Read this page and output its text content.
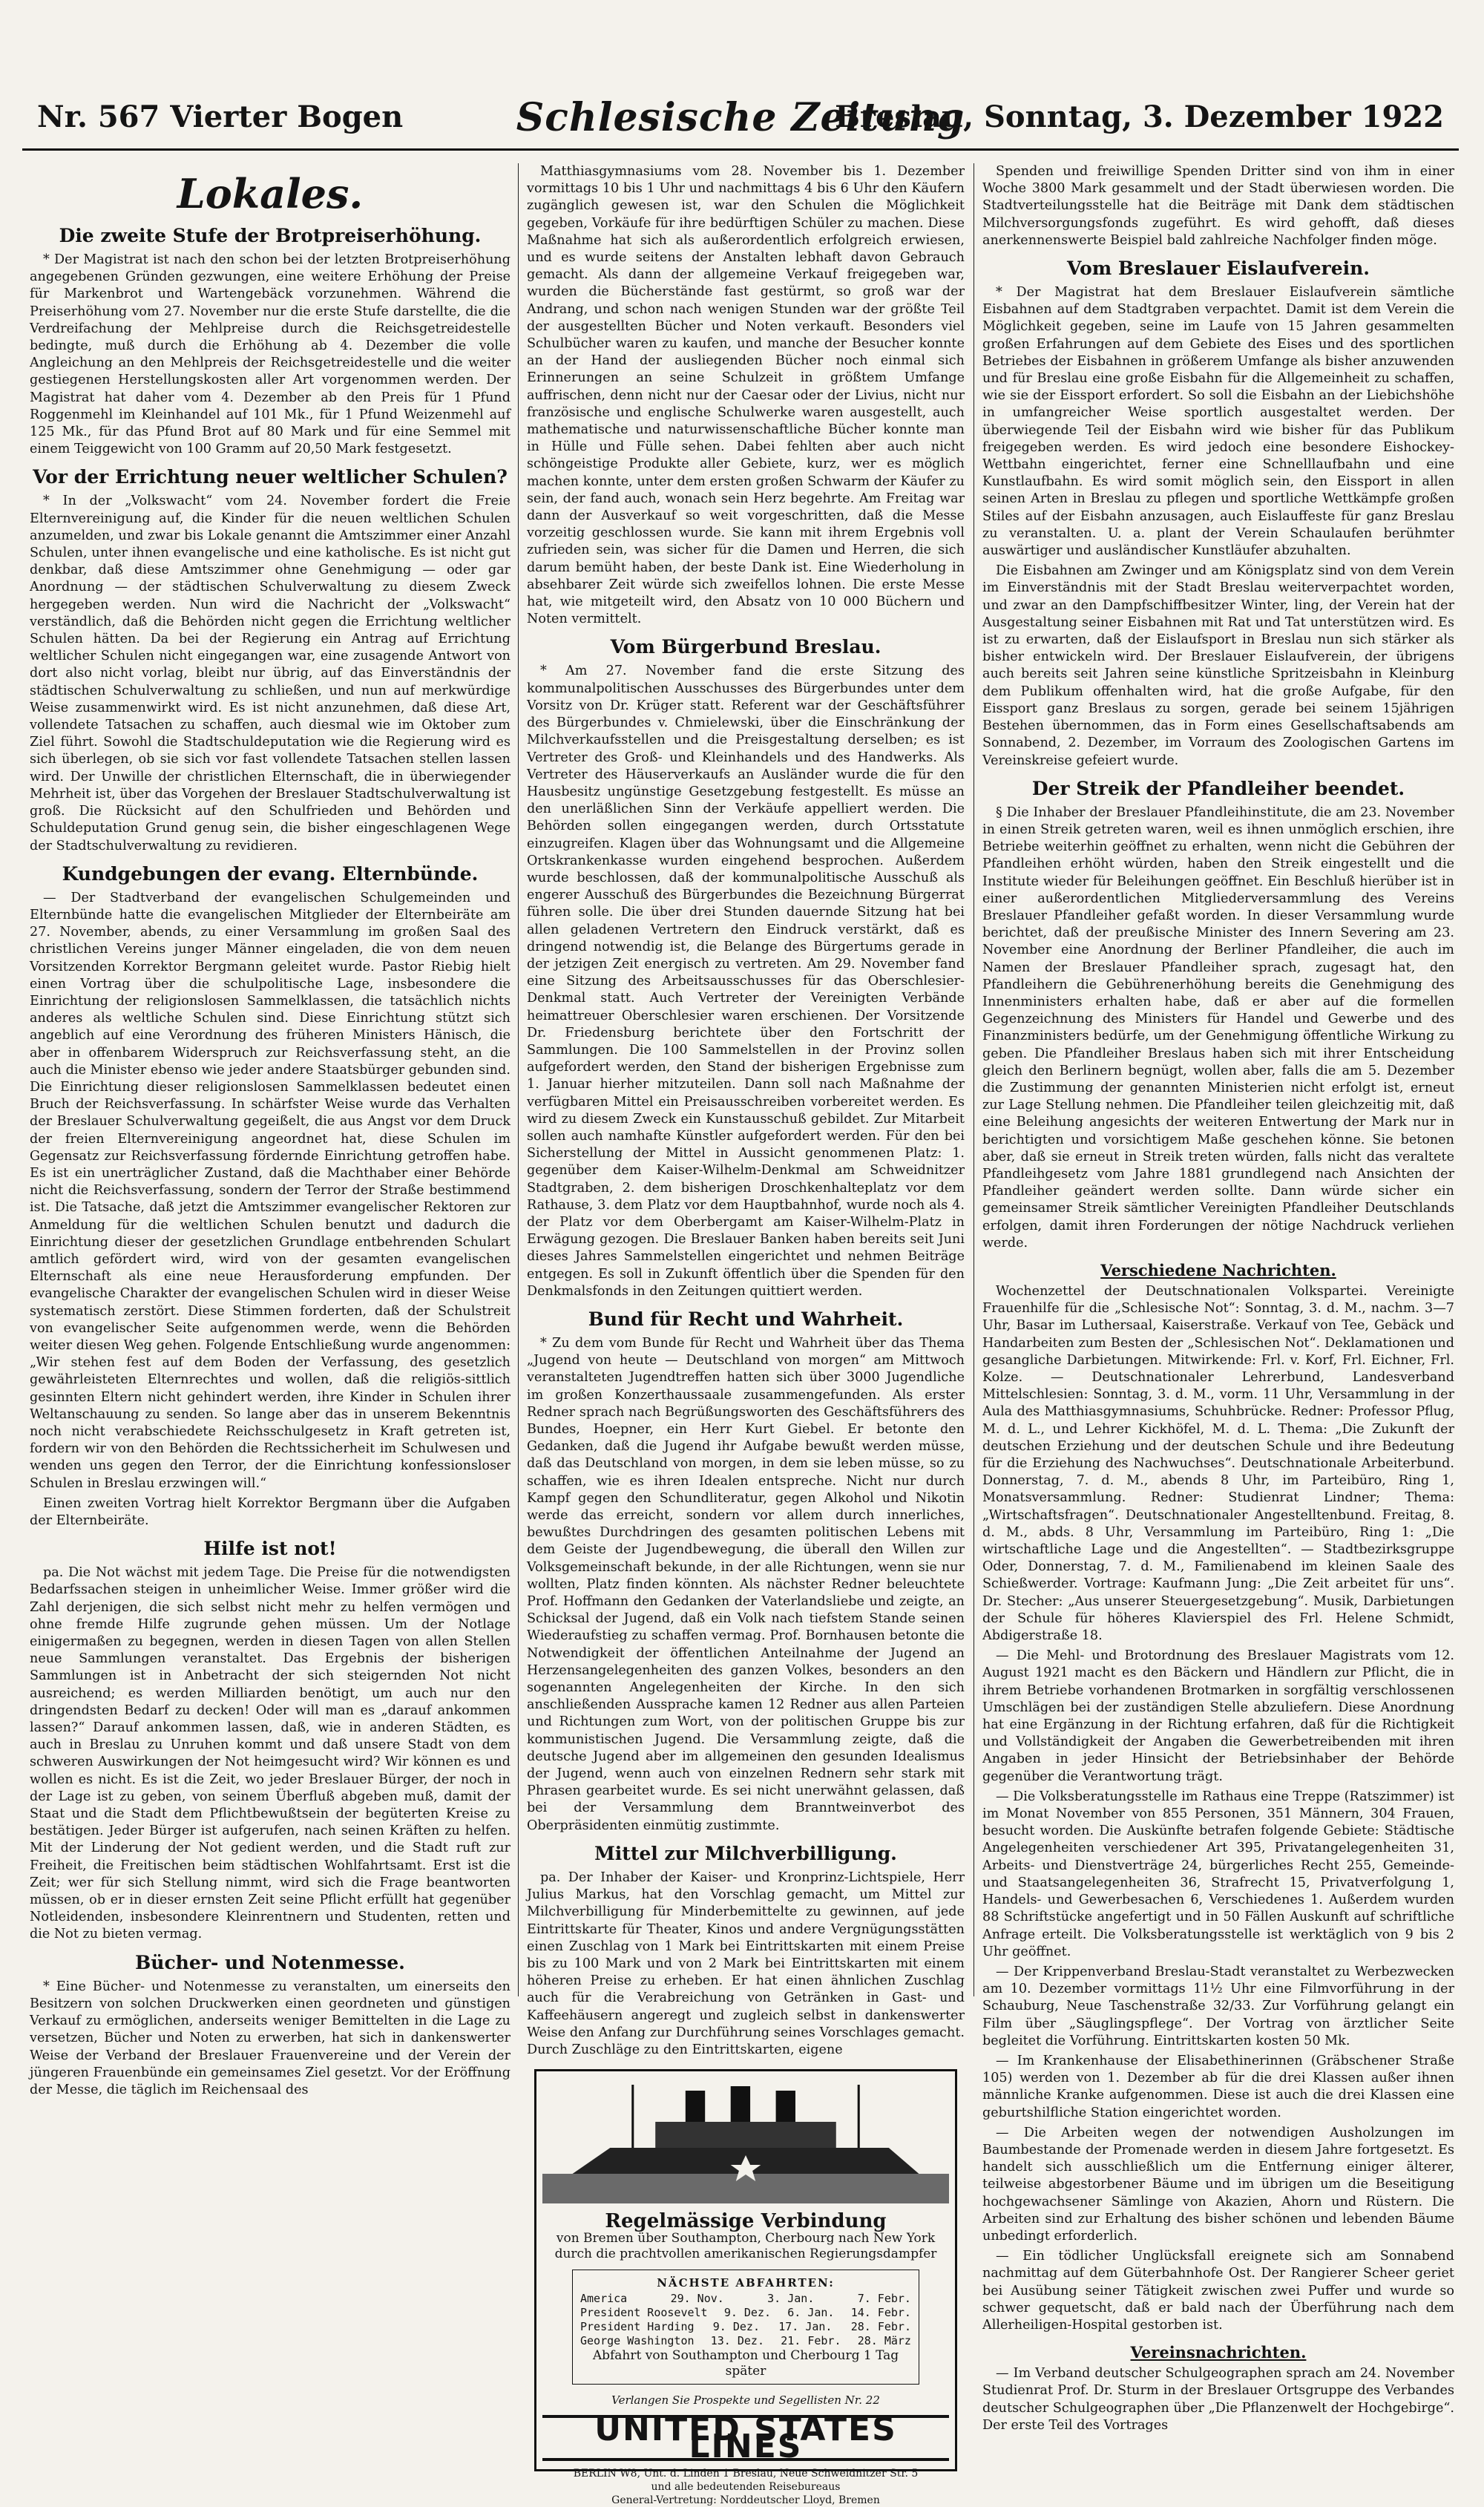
Nr. 567 Vierter Bogen	Schlesische Zeitung
Breslau, Sonntag, 3. Dezember 1922
Lokales.
Die zweite Stufe der Brotpreiserhöhung.

* Der Magistrat ist nach den schon bei der letzten Brotpreiserhöhung angegebenen Gründen gezwungen, eine weitere Erhöhung der Preise für Markenbrot und Wartengebäck vorzunehmen. Während die Preiserhöhung vom 27. November nur die erste Stufe darstellte, die die Verdreifachung der Mehlpreise durch die Reichsgetreidestelle bedingte, muß durch die Erhöhung ab 4. Dezember die volle Angleichung an den Mehlpreis der Reichsgetreidestelle und die weiter gestiegenen Herstellungskosten aller Art vorgenommen werden. Der Magistrat hat daher vom 4. Dezember ab den Preis für 1 Pfund Roggenmehl im Kleinhandel auf 101 Mk., für 1 Pfund Weizenmehl auf 125 Mk., für das Pfund Brot auf 80 Mark und für eine Semmel mit einem Teiggewicht von 100 Gramm auf 20,50 Mark festgesetzt.

Vor der Errichtung neuer weltlicher Schulen?

* In der „Volkswacht“ vom 24. November fordert die Freie Elternvereinigung auf, die Kinder für die neuen weltlichen Schulen anzumelden, und zwar bis Lokale genannt die Amtszimmer einer Anzahl Schulen, unter ihnen evangelische und eine katholische. Es ist nicht gut denkbar, daß diese Amtszimmer ohne Genehmigung — oder gar Anordnung — der städtischen Schulverwaltung zu diesem Zweck hergegeben werden. Nun wird die Nachricht der „Volkswacht“ verständlich, daß die Behörden nicht gegen die Errichtung weltlicher Schulen hätten. Da bei der Regierung ein Antrag auf Errichtung weltlicher Schulen nicht eingegangen war, eine zusagende Antwort von dort also nicht vorlag, bleibt nur übrig, auf das Einverständnis der städtischen Schulverwaltung zu schließen, und nun auf merkwürdige Weise zusammenwirkt wird. Es ist nicht anzunehmen, daß diese Art, vollendete Tatsachen zu schaffen, auch diesmal wie im Oktober zum Ziel führt. Sowohl die Stadtschuldeputation wie die Regierung wird es sich überlegen, ob sie sich vor fast vollendete Tatsachen stellen lassen wird. Der Unwille der christlichen Elternschaft, die in überwiegender Mehrheit ist, über das Vorgehen der Breslauer Stadtschulverwaltung ist groß. Die Rücksicht auf den Schulfrieden und Behörden und Schuldeputation Grund genug sein, die bisher eingeschlagenen Wege der Stadtschulverwaltung zu revidieren.

Kundgebungen der evang. Elternbünde.

— Der Stadtverband der evangelischen Schulgemeinden und Elternbünde hatte die evangelischen Mitglieder der Elternbeiräte am 27. November, abends, zu einer Versammlung im großen Saal des christlichen Vereins junger Männer eingeladen, die von dem neuen Vorsitzenden Korrektor Bergmann geleitet wurde. Pastor Riebig hielt einen Vortrag über die schulpolitische Lage, insbesondere die Einrichtung der religionslosen Sammelklassen, die tatsächlich nichts anderes als weltliche Schulen sind. Diese Einrichtung stützt sich angeblich auf eine Verordnung des früheren Ministers Hänisch, die aber in offenbarem Widerspruch zur Reichsverfassung steht, an die auch die Minister ebenso wie jeder andere Staatsbürger gebunden sind. Die Einrichtung dieser religionslosen Sammelklassen bedeutet einen Bruch der Reichsverfassung. In schärfster Weise wurde das Verhalten der Breslauer Schulverwaltung gegeißelt, die aus Angst vor dem Druck der freien Elternvereinigung angeordnet hat, diese Schulen im Gegensatz zur Reichsverfassung fördernde Einrichtung getroffen habe. Es ist ein unerträglicher Zustand, daß die Machthaber einer Behörde nicht die Reichsverfassung, sondern der Terror der Straße bestimmend ist. Die Tatsache, daß jetzt die Amtszimmer evangelischer Rektoren zur Anmeldung für die weltlichen Schulen benutzt und dadurch die Einrichtung dieser der gesetzlichen Grundlage entbehrenden Schulart amtlich gefördert wird, wird von der gesamten evangelischen Elternschaft als eine neue Herausforderung empfunden. Der evangelische Charakter der evangelischen Schulen wird in dieser Weise systematisch zerstört. Diese Stimmen forderten, daß der Schulstreit von evangelischer Seite aufgenommen werde, wenn die Behörden weiter diesen Weg gehen. Folgende Entschließung wurde angenommen: „Wir stehen fest auf dem Boden der Verfassung, des gesetzlich gewährleisteten Elternrechtes und wollen, daß die religiös-sittlich gesinnten Eltern nicht gehindert werden, ihre Kinder in Schulen ihrer Weltanschauung zu senden. So lange aber das in unserem Bekenntnis noch nicht verabschiedete Reichsschulgesetz in Kraft getreten ist, fordern wir von den Behörden die Rechtssicherheit im Schulwesen und wenden uns gegen den Terror, der die Einrichtung konfessionsloser Schulen in Breslau erzwingen will.“

Einen zweiten Vortrag hielt Korrektor Bergmann über die Aufgaben der Elternbeiräte.

Hilfe ist not!

pa. Die Not wächst mit jedem Tage. Die Preise für die notwendigsten Bedarfssachen steigen in unheimlicher Weise. Immer größer wird die Zahl derjenigen, die sich selbst nicht mehr zu helfen vermögen und ohne fremde Hilfe zugrunde gehen müssen. Um der Notlage einigermaßen zu begegnen, werden in diesen Tagen von allen Stellen neue Sammlungen veranstaltet. Das Ergebnis der bisherigen Sammlungen ist in Anbetracht der sich steigernden Not nicht ausreichend; es werden Milliarden benötigt, um auch nur den dringendsten Bedarf zu decken! Oder will man es „darauf ankommen lassen?“ Darauf ankommen lassen, daß, wie in anderen Städten, es auch in Breslau zu Unruhen kommt und daß unsere Stadt von dem schweren Auswirkungen der Not heimgesucht wird? Wir können es und wollen es nicht. Es ist die Zeit, wo jeder Breslauer Bürger, der noch in der Lage ist zu geben, von seinem Überfluß abgeben muß, damit der Staat und die Stadt dem Pflichtbewußtsein der begüterten Kreise zu bestätigen. Jeder Bürger ist aufgerufen, nach seinen Kräften zu helfen. Mit der Linderung der Not gedient werden, und die Stadt ruft zur Freiheit, die Freitischen beim städtischen Wohlfahrtsamt. Erst ist die Zeit; wer für sich Stellung nimmt, wird sich die Frage beantworten müssen, ob er in dieser ernsten Zeit seine Pflicht erfüllt hat gegenüber Notleidenden, insbesondere Kleinrentnern und Studenten, retten und die Not zu bieten vermag.

Bücher- und Notenmesse.

* Eine Bücher- und Notenmesse zu veranstalten, um einerseits den Besitzern von solchen Druckwerken einen geordneten und günstigen Verkauf zu ermöglichen, anderseits weniger Bemittelten in die Lage zu versetzen, Bücher und Noten zu erwerben, hat sich in dankenswerter Weise der Verband der Breslauer Frauenvereine und der Verein der jüngeren Frauenbünde ein gemeinsames Ziel gesetzt. Vor der Eröffnung der Messe, die täglich im Reichensaal des

Matthiasgymnasiums vom 28. November bis 1. Dezember vormittags 10 bis 1 Uhr und nachmittags 4 bis 6 Uhr den Käufern zugänglich gewesen ist, war den Schulen die Möglichkeit gegeben, Vorkäufe für ihre bedürftigen Schüler zu machen. Diese Maßnahme hat sich als außerordentlich erfolgreich erwiesen, und es wurde seitens der Anstalten lebhaft davon Gebrauch gemacht. Als dann der allgemeine Verkauf freigegeben war, wurden die Bücherstände fast gestürmt, so groß war der Andrang, und schon nach wenigen Stunden war der größte Teil der ausgestellten Bücher und Noten verkauft. Besonders viel Schulbücher waren zu kaufen, und manche der Besucher konnte an der Hand der ausliegenden Bücher noch einmal sich Erinnerungen an seine Schulzeit in größtem Umfange auffrischen, denn nicht nur der Caesar oder der Livius, nicht nur französische und englische Schulwerke waren ausgestellt, auch mathematische und naturwissenschaftliche Bücher konnte man in Hülle und Fülle sehen. Dabei fehlten aber auch nicht schöngeistige Produkte aller Gebiete, kurz, wer es möglich machen konnte, unter dem ersten großen Schwarm der Käufer zu sein, der fand auch, wonach sein Herz begehrte. Am Freitag war dann der Ausverkauf so weit vorgeschritten, daß die Messe vorzeitig geschlossen wurde. Sie kann mit ihrem Ergebnis voll zufrieden sein, was sicher für die Damen und Herren, die sich darum bemüht haben, der beste Dank ist. Eine Wiederholung in absehbarer Zeit würde sich zweifellos lohnen. Die erste Messe hat, wie mitgeteilt wird, den Absatz von 10 000 Büchern und Noten vermittelt.

Vom Bürgerbund Breslau.

* Am 27. November fand die erste Sitzung des kommunalpolitischen Ausschusses des Bürgerbundes unter dem Vorsitz von Dr. Krüger statt. Referent war der Geschäftsführer des Bürgerbundes v. Chmielewski, über die Einschränkung der Milchverkaufsstellen und die Preisgestaltung derselben; es ist Vertreter des Groß- und Kleinhandels und des Handwerks. Als Vertreter des Häuserverkaufs an Ausländer wurde die für den Hausbesitz ungünstige Gesetzgebung festgestellt. Es müsse an den unerläßlichen Sinn der Verkäufe appelliert werden. Die Behörden sollen eingegangen werden, durch Ortsstatute einzugreifen. Klagen über das Wohnungsamt und die Allgemeine Ortskrankenkasse wurden eingehend besprochen. Außerdem wurde beschlossen, daß der kommunalpolitische Ausschuß als engerer Ausschuß des Bürgerbundes die Bezeichnung Bürgerrat führen solle. Die über drei Stunden dauernde Sitzung hat bei allen geladenen Vertretern den Eindruck verstärkt, daß es dringend notwendig ist, die Belange des Bürgertums gerade in der jetzigen Zeit energisch zu vertreten. Am 29. November fand eine Sitzung des Arbeitsausschusses für das Oberschlesier-Denkmal statt. Auch Vertreter der Vereinigten Verbände heimattreuer Oberschlesier waren erschienen. Der Vorsitzende Dr. Friedensburg berichtete über den Fortschritt der Sammlungen. Die 100 Sammelstellen in der Provinz sollen aufgefordert werden, den Stand der bisherigen Ergebnisse zum 1. Januar hierher mitzuteilen. Dann soll nach Maßnahme der verfügbaren Mittel ein Preisausschreiben vorbereitet werden. Es wird zu diesem Zweck ein Kunstausschuß gebildet. Zur Mitarbeit sollen auch namhafte Künstler aufgefordert werden. Für den bei Sicherstellung der Mittel in Aussicht genommenen Platz: 1. gegenüber dem Kaiser-Wilhelm-Denkmal am Schweidnitzer Stadtgraben, 2. dem bisherigen Droschkenhalteplatz vor dem Rathause, 3. dem Platz vor dem Hauptbahnhof, wurde noch als 4. der Platz vor dem Oberbergamt am Kaiser-Wilhelm-Platz in Erwägung gezogen. Die Breslauer Banken haben bereits seit Juni dieses Jahres Sammelstellen eingerichtet und nehmen Beiträge entgegen. Es soll in Zukunft öffentlich über die Spenden für den Denkmalsfonds in den Zeitungen quittiert werden.

Bund für Recht und Wahrheit.

* Zu dem vom Bunde für Recht und Wahrheit über das Thema „Jugend von heute — Deutschland von morgen“ am Mittwoch veranstalteten Jugendtreffen hatten sich über 3000 Jugendliche im großen Konzerthaussaale zusammengefunden. Als erster Redner sprach nach Begrüßungsworten des Geschäftsführers des Bundes, Hoepner, ein Herr Kurt Giebel. Er betonte den Gedanken, daß die Jugend ihr Aufgabe bewußt werden müsse, daß das Deutschland von morgen, in dem sie leben müsse, so zu schaffen, wie es ihren Idealen entspreche. Nicht nur durch Kampf gegen den Schundliteratur, gegen Alkohol und Nikotin werde das erreicht, sondern vor allem durch innerliches, bewußtes Durchdringen des gesamten politischen Lebens mit dem Geiste der Jugendbewegung, die überall den Willen zur Volksgemeinschaft bekunde, in der alle Richtungen, wenn sie nur wollten, Platz finden könnten. Als nächster Redner beleuchtete Prof. Hoffmann den Gedanken der Vaterlandsliebe und zeigte, an Schicksal der Jugend, daß ein Volk nach tiefstem Stande seinen Wiederaufstieg zu schaffen vermag. Prof. Bornhausen betonte die Notwendigkeit der öffentlichen Anteilnahme der Jugend an Herzensangelegenheiten des ganzen Volkes, besonders an den sogenannten Angelegenheiten der Kirche. In den sich anschließenden Aussprache kamen 12 Redner aus allen Parteien und Richtungen zum Wort, von der politischen Gruppe bis zur kommunistischen Jugend. Die Versammlung zeigte, daß die deutsche Jugend aber im allgemeinen den gesunden Idealismus der Jugend, wenn auch von einzelnen Rednern sehr stark mit Phrasen gearbeitet wurde. Es sei nicht unerwähnt gelassen, daß bei der Versammlung dem Branntweinverbot des Oberpräsidenten einmütig zustimmte.

Mittel zur Milchverbilligung.

pa. Der Inhaber der Kaiser- und Kronprinz-Lichtspiele, Herr Julius Markus, hat den Vorschlag gemacht, um Mittel zur Milchverbilligung für Minderbemittelte zu gewinnen, auf jede Eintrittskarte für Theater, Kinos und andere Vergnügungsstätten einen Zuschlag von 1 Mark bei Eintrittskarten mit einem Preise bis zu 100 Mark und von 2 Mark bei Eintrittskarten mit einem höheren Preise zu erheben. Er hat einen ähnlichen Zuschlag auch für die Verabreichung von Getränken in Gast- und Kaffeehäusern angeregt und zugleich selbst in dankenswerter Weise den Anfang zur Durchführung seines Vorschlages gemacht. Durch Zuschläge zu den Eintrittskarten, eigene

Regelmässige Verbindung
von Bremen über Southampton, Cherbourg nach New York
durch die prachtvollen amerikanischen Regierungsdampfer
NÄCHSTE ABFAHRTEN:
America	29. Nov.	3. Jan.	7. Febr.
President Roosevelt 9. Dez. 6. Jan. 14. Febr.
President Harding 9. Dez. 17. Jan. 28. Febr.
George Washington 13. Dez. 21. Febr. 28. März
Abfahrt von Southampton und Cherbourg 1 Tag später
Verlangen Sie Prospekte und Segellisten Nr. 22
UNITED STATES LINES
BERLIN W8, Unt. d. Linden 1 Breslau, Neue Schweidnitzer Str. 5
und alle bedeutenden Reisebureaus
General-Vertretung: Norddeutscher Lloyd, Bremen

Spenden und freiwillige Spenden Dritter sind von ihm in einer Woche 3800 Mark gesammelt und der Stadt überwiesen worden. Die Stadtverteilungsstelle hat die Beiträge mit Dank dem städtischen Milchversorgungsfonds zugeführt. Es wird gehofft, daß dieses anerkennenswerte Beispiel bald zahlreiche Nachfolger finden möge.

Vom Breslauer Eislaufverein.

* Der Magistrat hat dem Breslauer Eislaufverein sämtliche Eisbahnen auf dem Stadtgraben verpachtet. Damit ist dem Verein die Möglichkeit gegeben, seine im Laufe von 15 Jahren gesammelten großen Erfahrungen auf dem Gebiete des Eises und des sportlichen Betriebes der Eisbahnen in größerem Umfange als bisher anzuwenden und für Breslau eine große Eisbahn für die Allgemeinheit zu schaffen, wie sie der Eissport erfordert. So soll die Eisbahn an der Liebichshöhe in umfangreicher Weise sportlich ausgestaltet werden. Der überwiegende Teil der Eisbahn wird wie bisher für das Publikum freigegeben werden. Es wird jedoch eine besondere Eishockey-Wettbahn eingerichtet, ferner eine Schnelllaufbahn und eine Kunstlaufbahn. Es wird somit möglich sein, den Eissport in allen seinen Arten in Breslau zu pflegen und sportliche Wettkämpfe großen Stiles auf der Eisbahn anzusagen, auch Eislauffeste für ganz Breslau zu veranstalten. U. a. plant der Verein Schaulaufen berühmter auswärtiger und ausländischer Kunstläufer abzuhalten.

Die Eisbahnen am Zwinger und am Königsplatz sind von dem Verein im Einverständnis mit der Stadt Breslau weiterverpachtet worden, und zwar an den Dampfschiffbesitzer Winter, ling, der Verein hat der Ausgestaltung seiner Eisbahnen mit Rat und Tat unterstützen wird. Es ist zu erwarten, daß der Eislaufsport in Breslau nun sich stärker als bisher entwickeln wird. Der Breslauer Eislaufverein, der übrigens auch bereits seit Jahren seine künstliche Spritzeisbahn in Kleinburg dem Publikum offenhalten wird, hat die große Aufgabe, für den Eissport ganz Breslaus zu sorgen, gerade bei seinem 15jährigen Bestehen übernommen, das in Form eines Gesellschaftsabends am Sonnabend, 2. Dezember, im Vorraum des Zoologischen Gartens im Vereinskreise gefeiert wurde.

Der Streik der Pfandleiher beendet.

§ Die Inhaber der Breslauer Pfandleihinstitute, die am 23. November in einen Streik getreten waren, weil es ihnen unmöglich erschien, ihre Betriebe weiterhin geöffnet zu erhalten, wenn nicht die Gebühren der Pfandleihen erhöht würden, haben den Streik eingestellt und die Institute wieder für Beleihungen geöffnet. Ein Beschluß hierüber ist in einer außerordentlichen Mitgliederversammlung des Vereins Breslauer Pfandleiher gefaßt worden. In dieser Versammlung wurde berichtet, daß der preußische Minister des Innern Severing am 23. November eine Anordnung der Berliner Pfandleiher, die auch im Namen der Breslauer Pfandleiher sprach, zugesagt hat, den Pfandleihern die Gebührenerhöhung bereits die Genehmigung des Innenministers erhalten habe, daß er aber auf die formellen Gegenzeichnung des Ministers für Handel und Gewerbe und des Finanzministers bedürfe, um der Genehmigung öffentliche Wirkung zu geben. Die Pfandleiher Breslaus haben sich mit ihrer Entscheidung gleich den Berlinern begnügt, wollen aber, falls die am 5. Dezember die Zustimmung der genannten Ministerien nicht erfolgt ist, erneut zur Lage Stellung nehmen. Die Pfandleiher teilen gleichzeitig mit, daß eine Beleihung angesichts der weiteren Entwertung der Mark nur in berichtigten und vorsichtigem Maße geschehen könne. Sie betonen aber, daß sie erneut in Streik treten würden, falls nicht das veraltete Pfandleihgesetz vom Jahre 1881 grundlegend nach Ansichten der Pfandleiher geändert werden sollte. Dann würde sicher ein gemeinsamer Streik sämtlicher Vereinigten Pfandleiher Deutschlands erfolgen, damit ihren Forderungen der nötige Nachdruck verliehen werde.

Verschiedene Nachrichten.

Wochenzettel der Deutschnationalen Volkspartei. Vereinigte Frauenhilfe für die „Schlesische Not“: Sonntag, 3. d. M., nachm. 3—7 Uhr, Basar im Luthersaal, Kaiserstraße. Verkauf von Tee, Gebäck und Handarbeiten zum Besten der „Schlesischen Not“. Deklamationen und gesangliche Darbietungen. Mitwirkende: Frl. v. Korf, Frl. Eichner, Frl. Kolze. — Deutschnationaler Lehrerbund, Landesverband Mittelschlesien: Sonntag, 3. d. M., vorm. 11 Uhr, Versammlung in der Aula des Matthiasgymnasiums, Schuhbrücke. Redner: Professor Pflug, M. d. L., und Lehrer Kickhöfel, M. d. L. Thema: „Die Zukunft der deutschen Erziehung und der deutschen Schule und ihre Bedeutung für die Erziehung des Nachwuchses“. Deutschnationale Arbeiterbund. Donnerstag, 7. d. M., abends 8 Uhr, im Parteibüro, Ring 1, Monatsversammlung. Redner: Studienrat Lindner; Thema: „Wirtschaftsfragen“. Deutschnationaler Angestelltenbund. Freitag, 8. d. M., abds. 8 Uhr, Versammlung im Parteibüro, Ring 1: „Die wirtschaftliche Lage und die Angestellten“. — Stadtbezirksgruppe Oder, Donnerstag, 7. d. M., Familienabend im kleinen Saale des Schießwerder. Vortrage: Kaufmann Jung: „Die Zeit arbeitet für uns“. Dr. Stecher: „Aus unserer Steuergesetzgebung“. Musik, Darbietungen der Schule für höheres Klavierspiel des Frl. Helene Schmidt, Abdigerstraße 18.

— Die Mehl- und Brotordnung des Breslauer Magistrats vom 12. August 1921 macht es den Bäckern und Händlern zur Pflicht, die in ihrem Betriebe vorhandenen Brotmarken in sorgfältig verschlossenen Umschlägen bei der zuständigen Stelle abzuliefern. Diese Anordnung hat eine Ergänzung in der Richtung erfahren, daß für die Richtigkeit und Vollständigkeit der Angaben die Gewerbetreibenden mit ihren Angaben in jeder Hinsicht der Betriebsinhaber der Behörde gegenüber die Verantwortung trägt.

— Die Volksberatungsstelle im Rathaus eine Treppe (Ratszimmer) ist im Monat November von 855 Personen, 351 Männern, 304 Frauen, besucht worden. Die Auskünfte betrafen folgende Gebiete: Städtische Angelegenheiten verschiedener Art 395, Privatangelegenheiten 31, Arbeits- und Dienstverträge 24, bürgerliches Recht 255, Gemeinde- und Staatsangelegenheiten 36, Strafrecht 15, Privatverfolgung 1, Handels- und Gewerbesachen 6, Verschiedenes 1. Außerdem wurden 88 Schriftstücke angefertigt und in 50 Fällen Auskunft auf schriftliche Anfrage erteilt. Die Volksberatungsstelle ist werktäglich von 9 bis 2 Uhr geöffnet.

— Der Krippenverband Breslau-Stadt veranstaltet zu Werbezwecken am 10. Dezember vormittags 11½ Uhr eine Filmvorführung in der Schauburg, Neue Taschenstraße 32/33. Zur Vorführung gelangt ein Film über „Säuglingspflege“. Der Vortrag von ärztlicher Seite begleitet die Vorführung. Eintrittskarten kosten 50 Mk.

— Im Krankenhause der Elisabethinerinnen (Gräbschener Straße 105) werden von 1. Dezember ab für die drei Klassen außer ihnen männliche Kranke aufgenommen. Diese ist auch die drei Klassen eine geburtshilfliche Station eingerichtet worden.

— Die Arbeiten wegen der notwendigen Ausholzungen im Baumbestande der Promenade werden in diesem Jahre fortgesetzt. Es handelt sich ausschließlich um die Entfernung einiger älterer, teilweise abgestorbener Bäume und im übrigen um die Beseitigung hochgewachsener Sämlinge von Akazien, Ahorn und Rüstern. Die Arbeiten sind zur Erhaltung des bisher schönen und lebenden Bäume unbedingt erforderlich.

— Ein tödlicher Unglücksfall ereignete sich am Sonnabend nachmittag auf dem Güterbahnhofe Ost. Der Rangierer Scheer geriet bei Ausübung seiner Tätigkeit zwischen zwei Puffer und wurde so schwer gequetscht, daß er bald nach der Überführung nach dem Allerheiligen-Hospital gestorben ist.

Vereinsnachrichten.

— Im Verband deutscher Schulgeographen sprach am 24. November Studienrat Prof. Dr. Sturm in der Breslauer Ortsgruppe des Verbandes deutscher Schulgeographen über „Die Pflanzenwelt der Hochgebirge“. Der erste Teil des Vortrages
